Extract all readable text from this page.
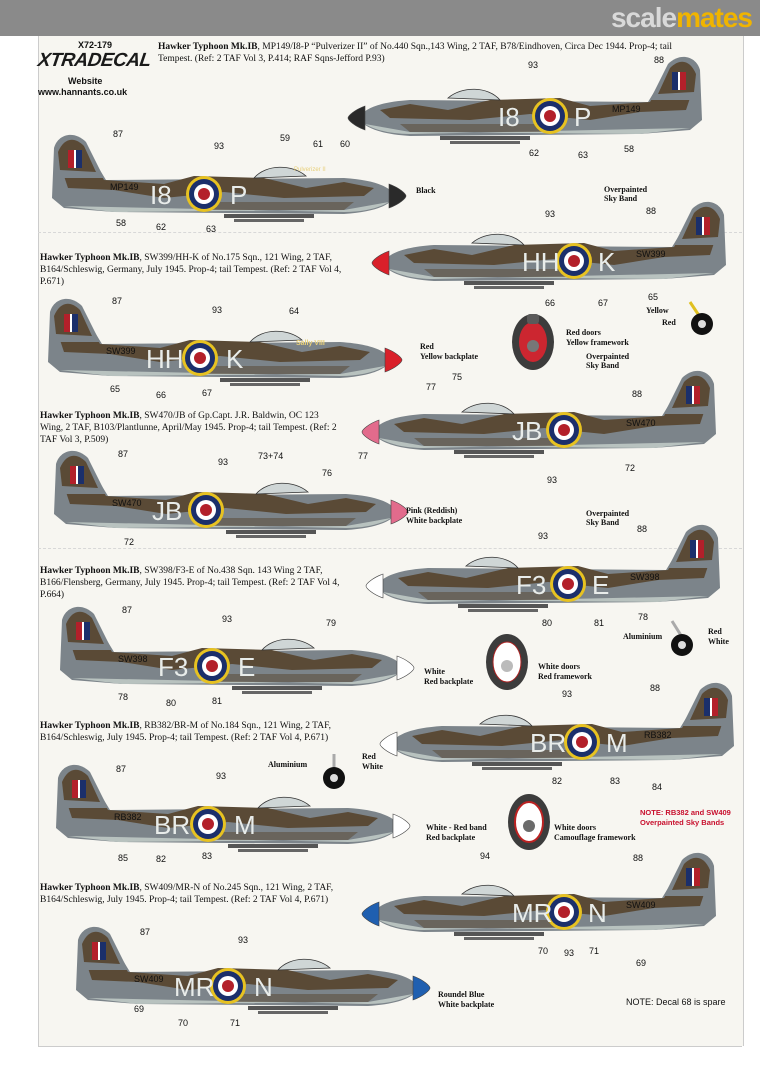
scalemates
X72-179
XTRADECAL
Website
www.hannants.co.uk
Hawker Typhoon Mk.IB, MP149/I8-P “Pulverizer II” of No.440 Sqn.,143 Wing, 2 TAF, B78/Eindhoven, Circa Dec 1944. Prop-4; tail Tempest. (Ref: 2 TAF Vol 3, P.414; RAF Sqns-Jefford P.93)
Hawker Typhoon Mk.IB, SW399/HH-K of No.175 Sqn., 121 Wing, 2 TAF, B164/Schleswig, Germany, July 1945. Prop-4; tail Tempest. (Ref: 2 TAF Vol 4, P.671)
Hawker Typhoon Mk.IB, SW470/JB of Gp.Capt. J.R. Baldwin, OC 123 Wing, 2 TAF, B103/Plantlunne, April/May 1945. Prop-4; tail Tempest. (Ref: 2 TAF Vol 3, P.509)
Hawker Typhoon Mk.IB, SW398/F3-E of No.438 Sqn. 143 Wing 2 TAF, B166/Flensberg, Germany, July 1945. Prop-4; tail Tempest. (Ref: 2 TAF Vol 4, P.664)
Hawker Typhoon Mk.IB, RB382/BR-M of No.184 Sqn., 121 Wing, 2 TAF, B164/Schleswig, July 1945. Prop-4; tail Tempest. (Ref: 2 TAF Vol 4, P.671)
Hawker Typhoon Mk.IB, SW409/MR-N of No.245 Sqn., 121 Wing, 2 TAF, B164/Schleswig, July 1945. Prop-4; tail Tempest. (Ref: 2 TAF Vol 4, P.671)
I8 P
MP149
I8 P MP149
HH K SW399
HH K
SW399
JB	SW470
JB
SW470
F3 E SW398
F3 E
SW398
BR M RB382
BR M
RB382
MR N SW409
MR N
SW409
Black	Overpainted
Sky Band
Red doors
Yellow framework
Red
Yellow backplate
Yellow
Red
Overpainted
Sky Band
Pink (Reddish)
White backplate
Overpainted
Sky Band
Aluminium
Red
White
White
Red backplate
White doors
Red framework
Aluminium
Red
White
White - Red band
Red backplate
White doors
Camouflage framework
Roundel Blue
White backplate
NOTE: RB382 and SW409
Overpainted Sky Bands
NOTE: Decal 68 is spare
87
93
59
61 60
58	62	63
93	88
62	63
58
93	88
66	67
65
87
93	64
65
66	67
77
75
88
72
93
87
93
73+74
76
77
72
93
88
80	81
78
87
93	79
78
80	81
93
88
82	83
84
87
93
85	82	83	94	88
70 93 71
69
87
93
69
70	71
Pulverizer II
Sally VIII
